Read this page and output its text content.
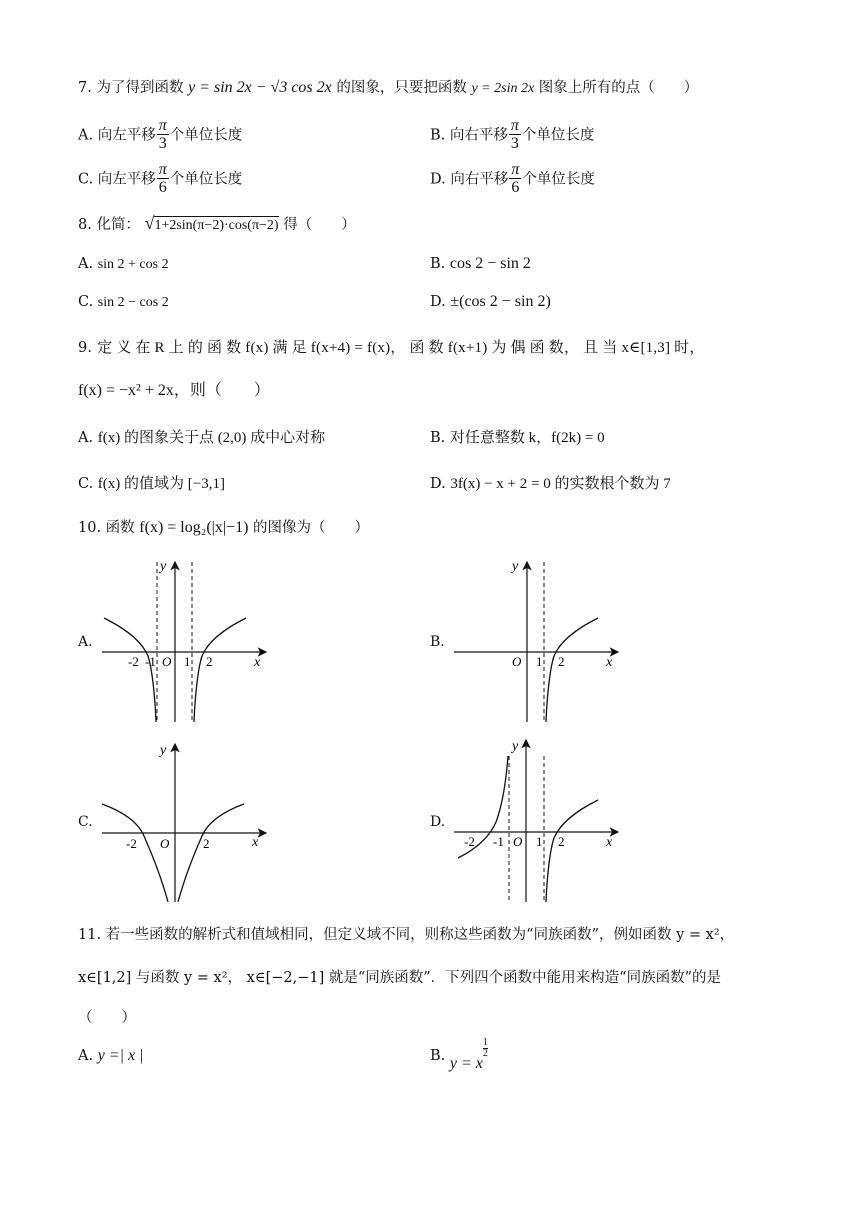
7. 为了得到函数 y = sin 2x − √3 cos 2x 的图象，只要把函数 y = 2sin 2x 图象上所有的点（　　）
A. 向左平移 $\frac{\pi}{3}$ 个单位长度	B. 向右平移 $\frac{\pi}{3}$ 个单位长度
C. 向左平移 $\frac{\pi}{6}$ 个单位长度	D. 向右平移 $\frac{\pi}{6}$ 个单位长度
8. 化简： √1+2sin(π−2)·cos(π−2) 得（　　）
A. sin 2 + cos 2	B. cos 2 − sin 2
C. sin 2 − cos 2	D. ±(cos 2 − sin 2)
9. 定 义 在 R 上 的 函 数 f(x) 满 足 f(x+4) = f(x)， 函 数 f(x+1) 为 偶 函 数， 且 当 x∈[1,3] 时，
f(x) = −x² + 2x，则（　　）
A. f(x) 的图象关于点 (2,0) 成中心对称	B. 对任意整数 k，f(2k) = 0
C. f(x) 的值域为 [−3,1]	D. 3f(x) − x + 2 = 0 的实数根个数为 7
10. 函数 f(x) = log₂(|x|−1) 的图像为（　　）
A.	B.
C.	D.
y
x
O
-2 -1 1 2
y
x
O 1 2
y
x
O
-2	2
y
x
O
-2 -1 1 2
11. 若一些函数的解析式和值域相同，但定义域不同，则称这些函数为“同族函数”，例如函数 y = x²，
x∈[1,2] 与函数 y = x²， x∈[−2,−1] 就是“同族函数”．下列四个函数中能用来构造“同族函数”的是
（　　）
A. y =| x |	B. y = x
$\frac{1}{2}$
